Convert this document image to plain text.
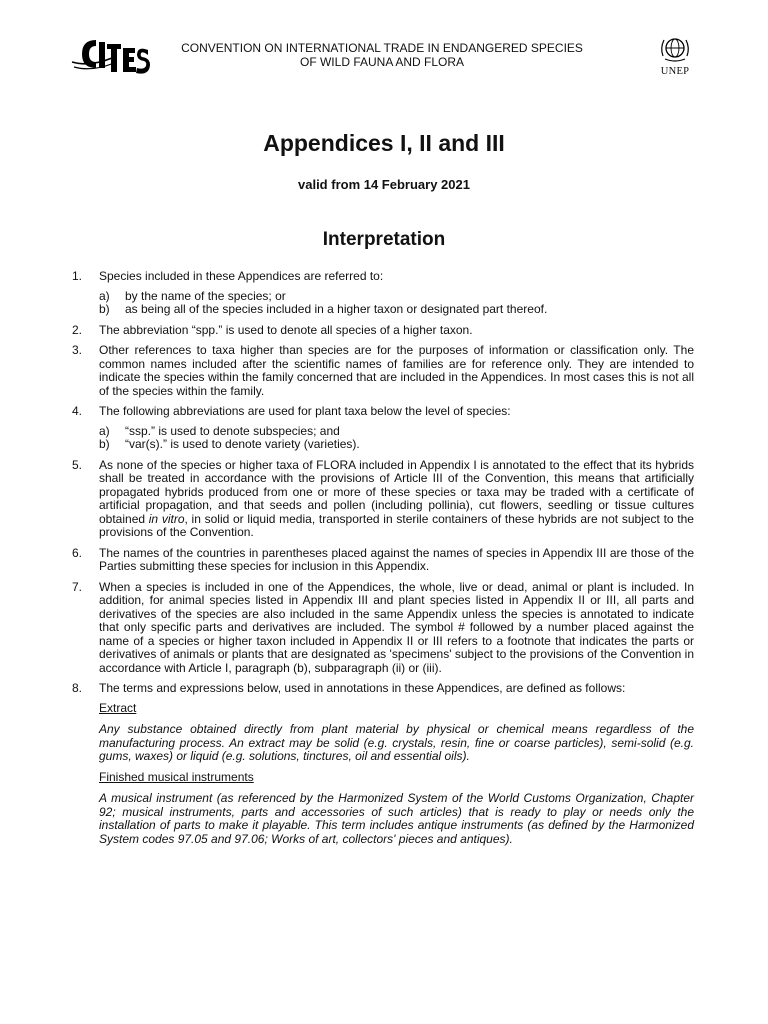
CONVENTION ON INTERNATIONAL TRADE IN ENDANGERED SPECIES
OF WILD FAUNA AND FLORA
UNEP
Appendices I, II and III
valid from 14 February 2021
Interpretation
1. Species included in these Appendices are referred to:
a) by the name of the species; or
b) as being all of the species included in a higher taxon or designated part thereof.
2. The abbreviation “spp.” is used to denote all species of a higher taxon.
3. Other references to taxa higher than species are for the purposes of information or classification only. The common names included after the scientific names of families are for reference only. They are intended to indicate the species within the family concerned that are included in the Appendices. In most cases this is not all of the species within the family.
4. The following abbreviations are used for plant taxa below the level of species:
a) “ssp.” is used to denote subspecies; and
b) “var(s).” is used to denote variety (varieties).
5. As none of the species or higher taxa of FLORA included in Appendix I is annotated to the effect that its hybrids shall be treated in accordance with the provisions of Article III of the Convention, this means that artificially propagated hybrids produced from one or more of these species or taxa may be traded with a certificate of artificial propagation, and that seeds and pollen (including pollinia), cut flowers, seedling or tissue cultures obtained in vitro, in solid or liquid media, transported in sterile containers of these hybrids are not subject to the provisions of the Convention.
6. The names of the countries in parentheses placed against the names of species in Appendix III are those of the Parties submitting these species for inclusion in this Appendix.
7. When a species is included in one of the Appendices, the whole, live or dead, animal or plant is included. In addition, for animal species listed in Appendix III and plant species listed in Appendix II or III, all parts and derivatives of the species are also included in the same Appendix unless the species is annotated to indicate that only specific parts and derivatives are included. The symbol # followed by a number placed against the name of a species or higher taxon included in Appendix II or III refers to a footnote that indicates the parts or derivatives of animals or plants that are designated as 'specimens' subject to the provisions of the Convention in accordance with Article I, paragraph (b), subparagraph (ii) or (iii).
8. The terms and expressions below, used in annotations in these Appendices, are defined as follows:
Extract
Any substance obtained directly from plant material by physical or chemical means regardless of the manufacturing process. An extract may be solid (e.g. crystals, resin, fine or coarse particles), semi-solid (e.g. gums, waxes) or liquid (e.g. solutions, tinctures, oil and essential oils).
Finished musical instruments
A musical instrument (as referenced by the Harmonized System of the World Customs Organization, Chapter 92; musical instruments, parts and accessories of such articles) that is ready to play or needs only the installation of parts to make it playable. This term includes antique instruments (as defined by the Harmonized System codes 97.05 and 97.06; Works of art, collectors' pieces and antiques).
